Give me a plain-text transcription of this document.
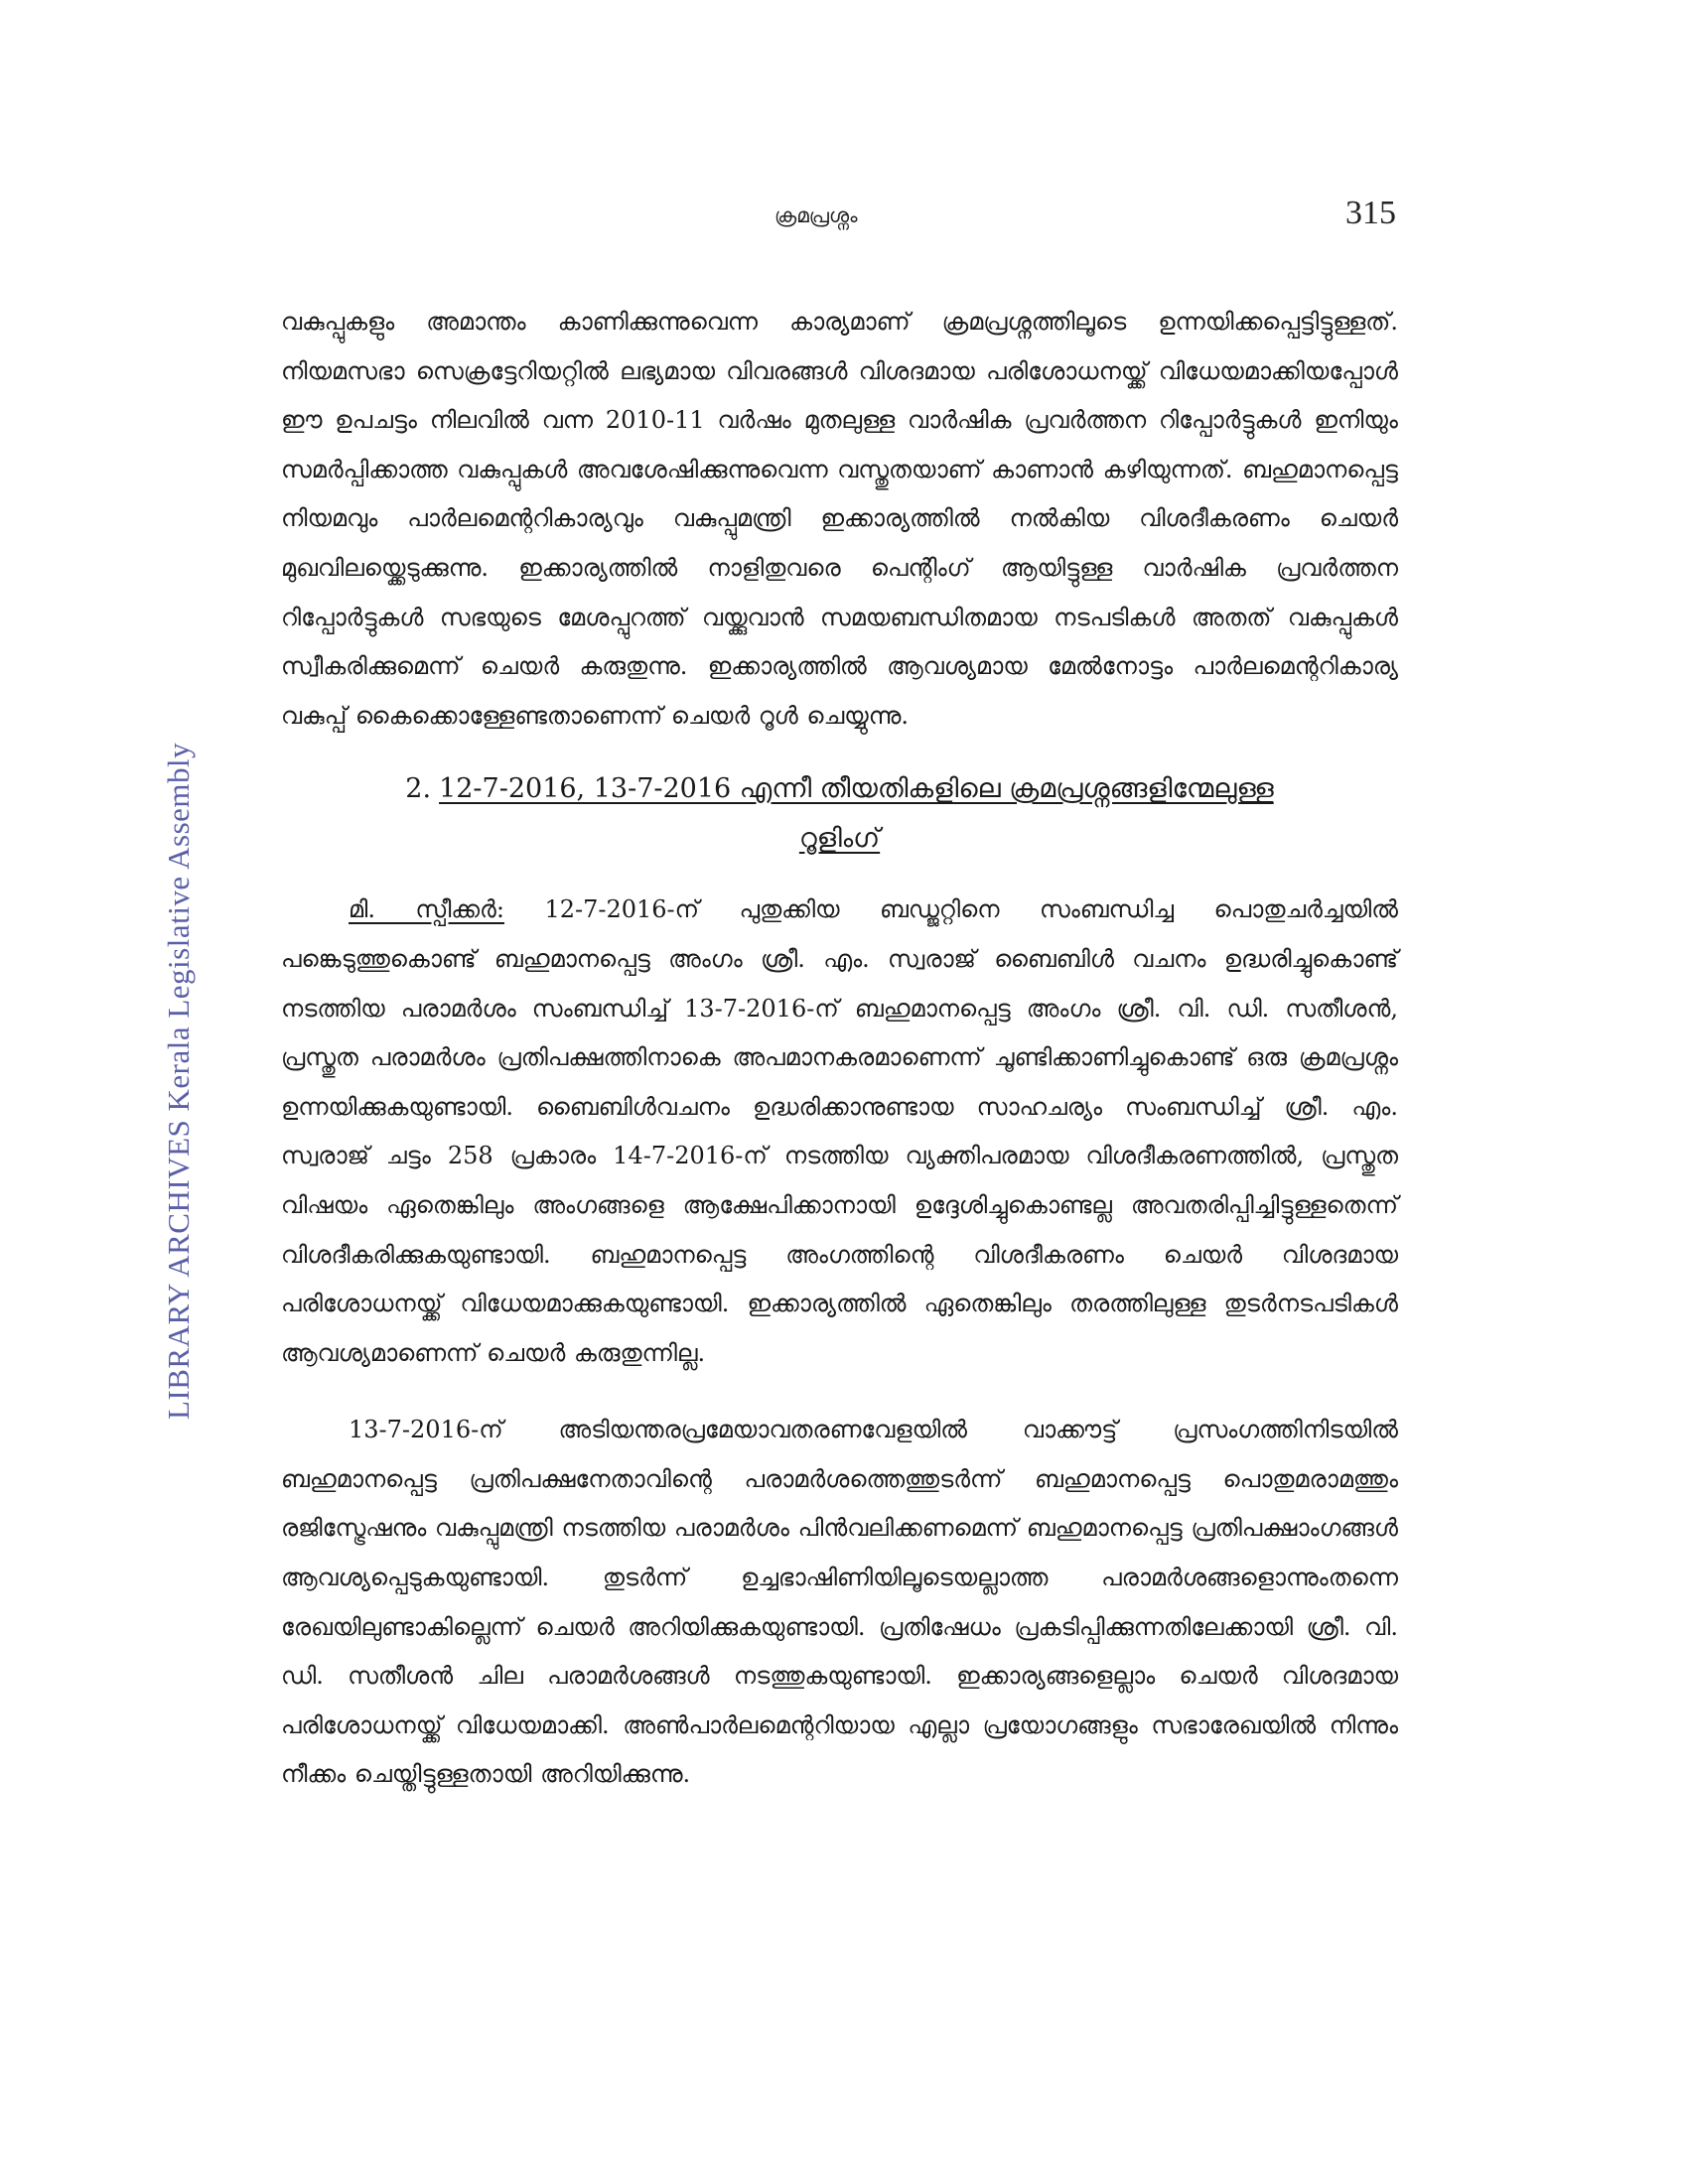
LIBRARY ARCHIVES Kerala Legislative Assembly
ക്രമപ്രശ്നം	315

വകുപ്പുകളും അമാന്തം കാണിക്കുന്നുവെന്ന കാര്യമാണ് ക്രമപ്രശ്നത്തിലൂടെ ഉന്നയിക്കപ്പെട്ടിട്ടുള്ളത്. നിയമസഭാ സെക്രട്ടേറിയറ്റിൽ ലഭ്യമായ വിവരങ്ങൾ വിശദമായ പരിശോധനയ്ക്ക് വിധേയമാക്കിയപ്പോൾ ഈ ഉപചട്ടം നിലവിൽ വന്ന 2010-11 വർഷം മുതലുള്ള വാർഷിക പ്രവർത്തന റിപ്പോർട്ടുകൾ ഇനിയും സമർപ്പിക്കാത്ത വകുപ്പുകൾ അവശേഷിക്കുന്നുവെന്ന വസ്തുതയാണ് കാണാൻ കഴിയുന്നത്. ബഹുമാനപ്പെട്ട നിയമവും പാർലമെന്ററികാര്യവും വകുപ്പുമന്ത്രി ഇക്കാര്യത്തിൽ നൽകിയ വിശദീകരണം ചെയർ മുഖവിലയ്ക്കെടുക്കുന്നു. ഇക്കാര്യത്തിൽ നാളിതുവരെ പെന്റിംഗ് ആയിട്ടുള്ള വാർഷിക പ്രവർത്തന റിപ്പോർട്ടുകൾ സഭയുടെ മേശപ്പുറത്ത് വയ്ക്കുവാൻ സമയബന്ധിതമായ നടപടികൾ അതത് വകുപ്പുകൾ സ്വീകരിക്കുമെന്ന് ചെയർ കരുതുന്നു. ഇക്കാര്യത്തിൽ ആവശ്യമായ മേൽനോട്ടം പാർലമെന്ററികാര്യ വകുപ്പ് കൈക്കൊള്ളേണ്ടതാണെന്ന് ചെയർ റൂൾ ചെയ്യുന്നു.

2. 12-7-2016, 13-7-2016 എന്നീ തീയതികളിലെ ക്രമപ്രശ്നങ്ങളിന്മേലുള്ള
റൂളിംഗ്

മി. സ്പീക്കർ: 12-7-2016-ന് പുതുക്കിയ ബഡ്ജറ്റിനെ സംബന്ധിച്ച പൊതുചർച്ചയിൽ പങ്കെടുത്തുകൊണ്ട് ബഹുമാനപ്പെട്ട അംഗം ശ്രീ. എം. സ്വരാജ് ബൈബിൾ വചനം ഉദ്ധരിച്ചുകൊണ്ട് നടത്തിയ പരാമർശം സംബന്ധിച്ച് 13-7-2016-ന് ബഹുമാനപ്പെട്ട അംഗം ശ്രീ. വി. ഡി. സതീശൻ, പ്രസ്തുത പരാമർശം പ്രതിപക്ഷത്തിനാകെ അപമാനകരമാണെന്ന് ചൂണ്ടിക്കാണിച്ചുകൊണ്ട് ഒരു ക്രമപ്രശ്നം ഉന്നയിക്കുകയുണ്ടായി. ബൈബിൾവചനം ഉദ്ധരിക്കാനുണ്ടായ സാഹചര്യം സംബന്ധിച്ച് ശ്രീ. എം. സ്വരാജ് ചട്ടം 258 പ്രകാരം 14-7-2016-ന് നടത്തിയ വ്യക്തിപരമായ വിശദീകരണത്തിൽ, പ്രസ്തുത വിഷയം ഏതെങ്കിലും അംഗങ്ങളെ ആക്ഷേപിക്കാനായി ഉദ്ദേശിച്ചുകൊണ്ടല്ല അവതരിപ്പിച്ചിട്ടുള്ളതെന്ന് വിശദീകരിക്കുകയുണ്ടായി. ബഹുമാനപ്പെട്ട അംഗത്തിന്റെ വിശദീകരണം ചെയർ വിശദമായ പരിശോധനയ്ക്ക് വിധേയമാക്കുകയുണ്ടായി. ഇക്കാര്യത്തിൽ ഏതെങ്കിലും തരത്തിലുള്ള തുടർനടപടികൾ ആവശ്യമാണെന്ന് ചെയർ കരുതുന്നില്ല.

13-7-2016-ന് അടിയന്തരപ്രമേയാവതരണവേളയിൽ വാക്കൗട്ട് പ്രസംഗത്തിനിടയിൽ ബഹുമാനപ്പെട്ട പ്രതിപക്ഷനേതാവിന്റെ പരാമർശത്തെത്തുടർന്ന് ബഹുമാനപ്പെട്ട പൊതുമരാമത്തും രജിസ്ട്രേഷനും വകുപ്പുമന്ത്രി നടത്തിയ പരാമർശം പിൻവലിക്കണമെന്ന് ബഹുമാനപ്പെട്ട പ്രതിപക്ഷാംഗങ്ങൾ ആവശ്യപ്പെടുകയുണ്ടായി. തുടർന്ന് ഉച്ചഭാഷിണിയിലൂടെയല്ലാത്ത പരാമർശങ്ങളൊന്നുംതന്നെ രേഖയിലുണ്ടാകില്ലെന്ന് ചെയർ അറിയിക്കുകയുണ്ടായി. പ്രതിഷേധം പ്രകടിപ്പിക്കുന്നതിലേക്കായി ശ്രീ. വി. ഡി. സതീശൻ ചില പരാമർശങ്ങൾ നടത്തുകയുണ്ടായി. ഇക്കാര്യങ്ങളെല്ലാം ചെയർ വിശദമായ പരിശോധനയ്ക്ക് വിധേയമാക്കി. അൺപാർലമെന്ററിയായ എല്ലാ പ്രയോഗങ്ങളും സഭാരേഖയിൽ നിന്നും നീക്കം ചെയ്തിട്ടുള്ളതായി അറിയിക്കുന്നു.
